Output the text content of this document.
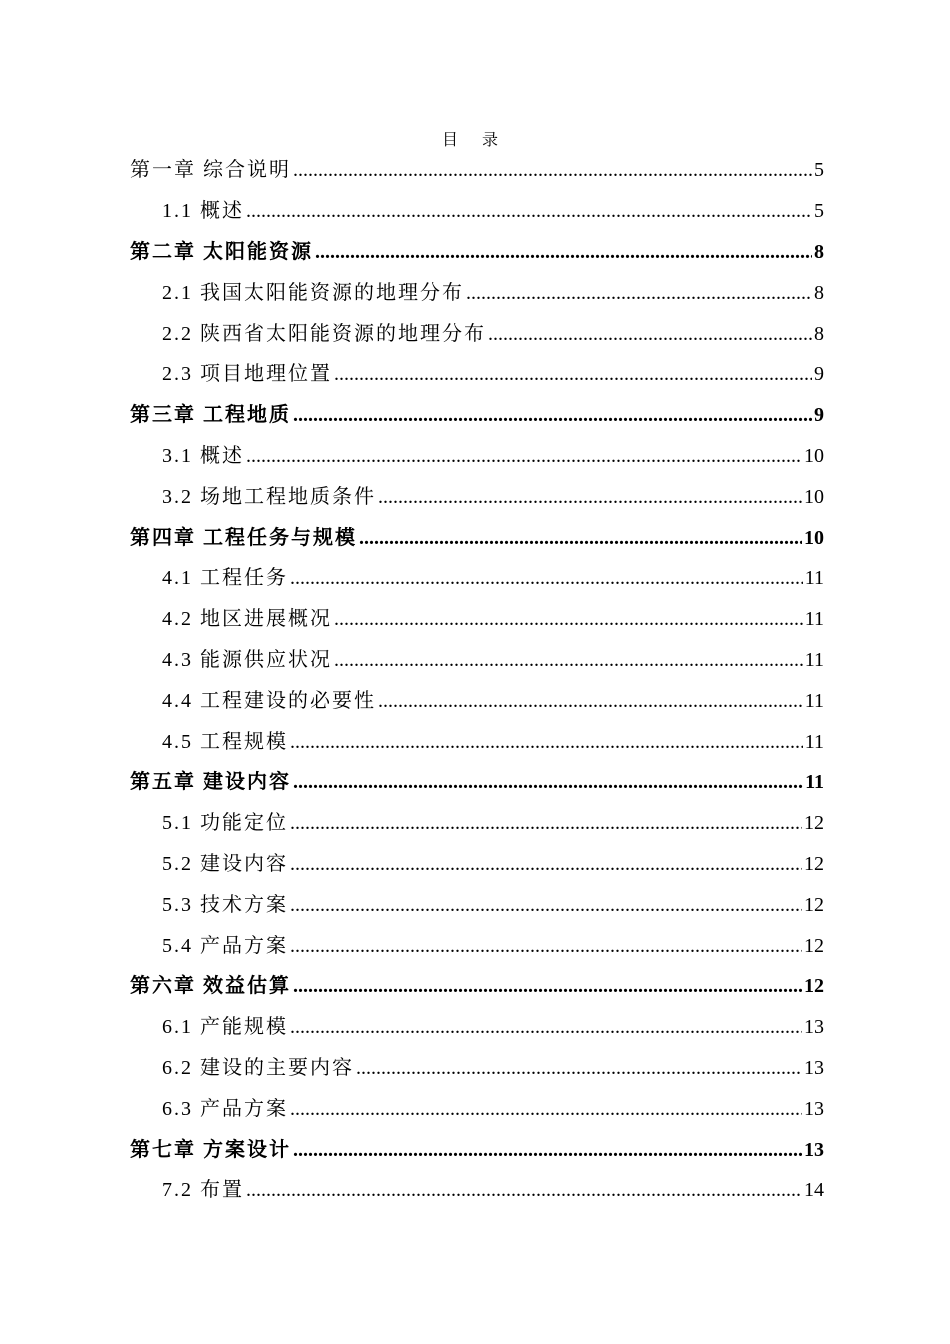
目 录
第一章 综合说明 .....	5
1.1 概述 .....	5
第二章 太阳能资源 .....	8
2.1 我国太阳能资源的地理分布 .....	8
2.2 陕西省太阳能资源的地理分布 .....	8
2.3 项目地理位置 .....	9
第三章 工程地质 .....	9
3.1 概述 .....	10
3.2 场地工程地质条件 .....	10
第四章 工程任务与规模 .....	10
4.1 工程任务 .....	11
4.2 地区进展概况 .....	11
4.3 能源供应状况 .....	11
4.4 工程建设的必要性 .....	11
4.5 工程规模 .....	11
第五章 建设内容 .....	11
5.1 功能定位 .....	12
5.2 建设内容 .....	12
5.3 技术方案 .....	12
5.4 产品方案 .....	12
第六章 效益估算 .....	12
6.1 产能规模 .....	13
6.2 建设的主要内容 .....	13
6.3 产品方案 .....	13
第七章 方案设计 .....	13
7.2 布置 .....	14
